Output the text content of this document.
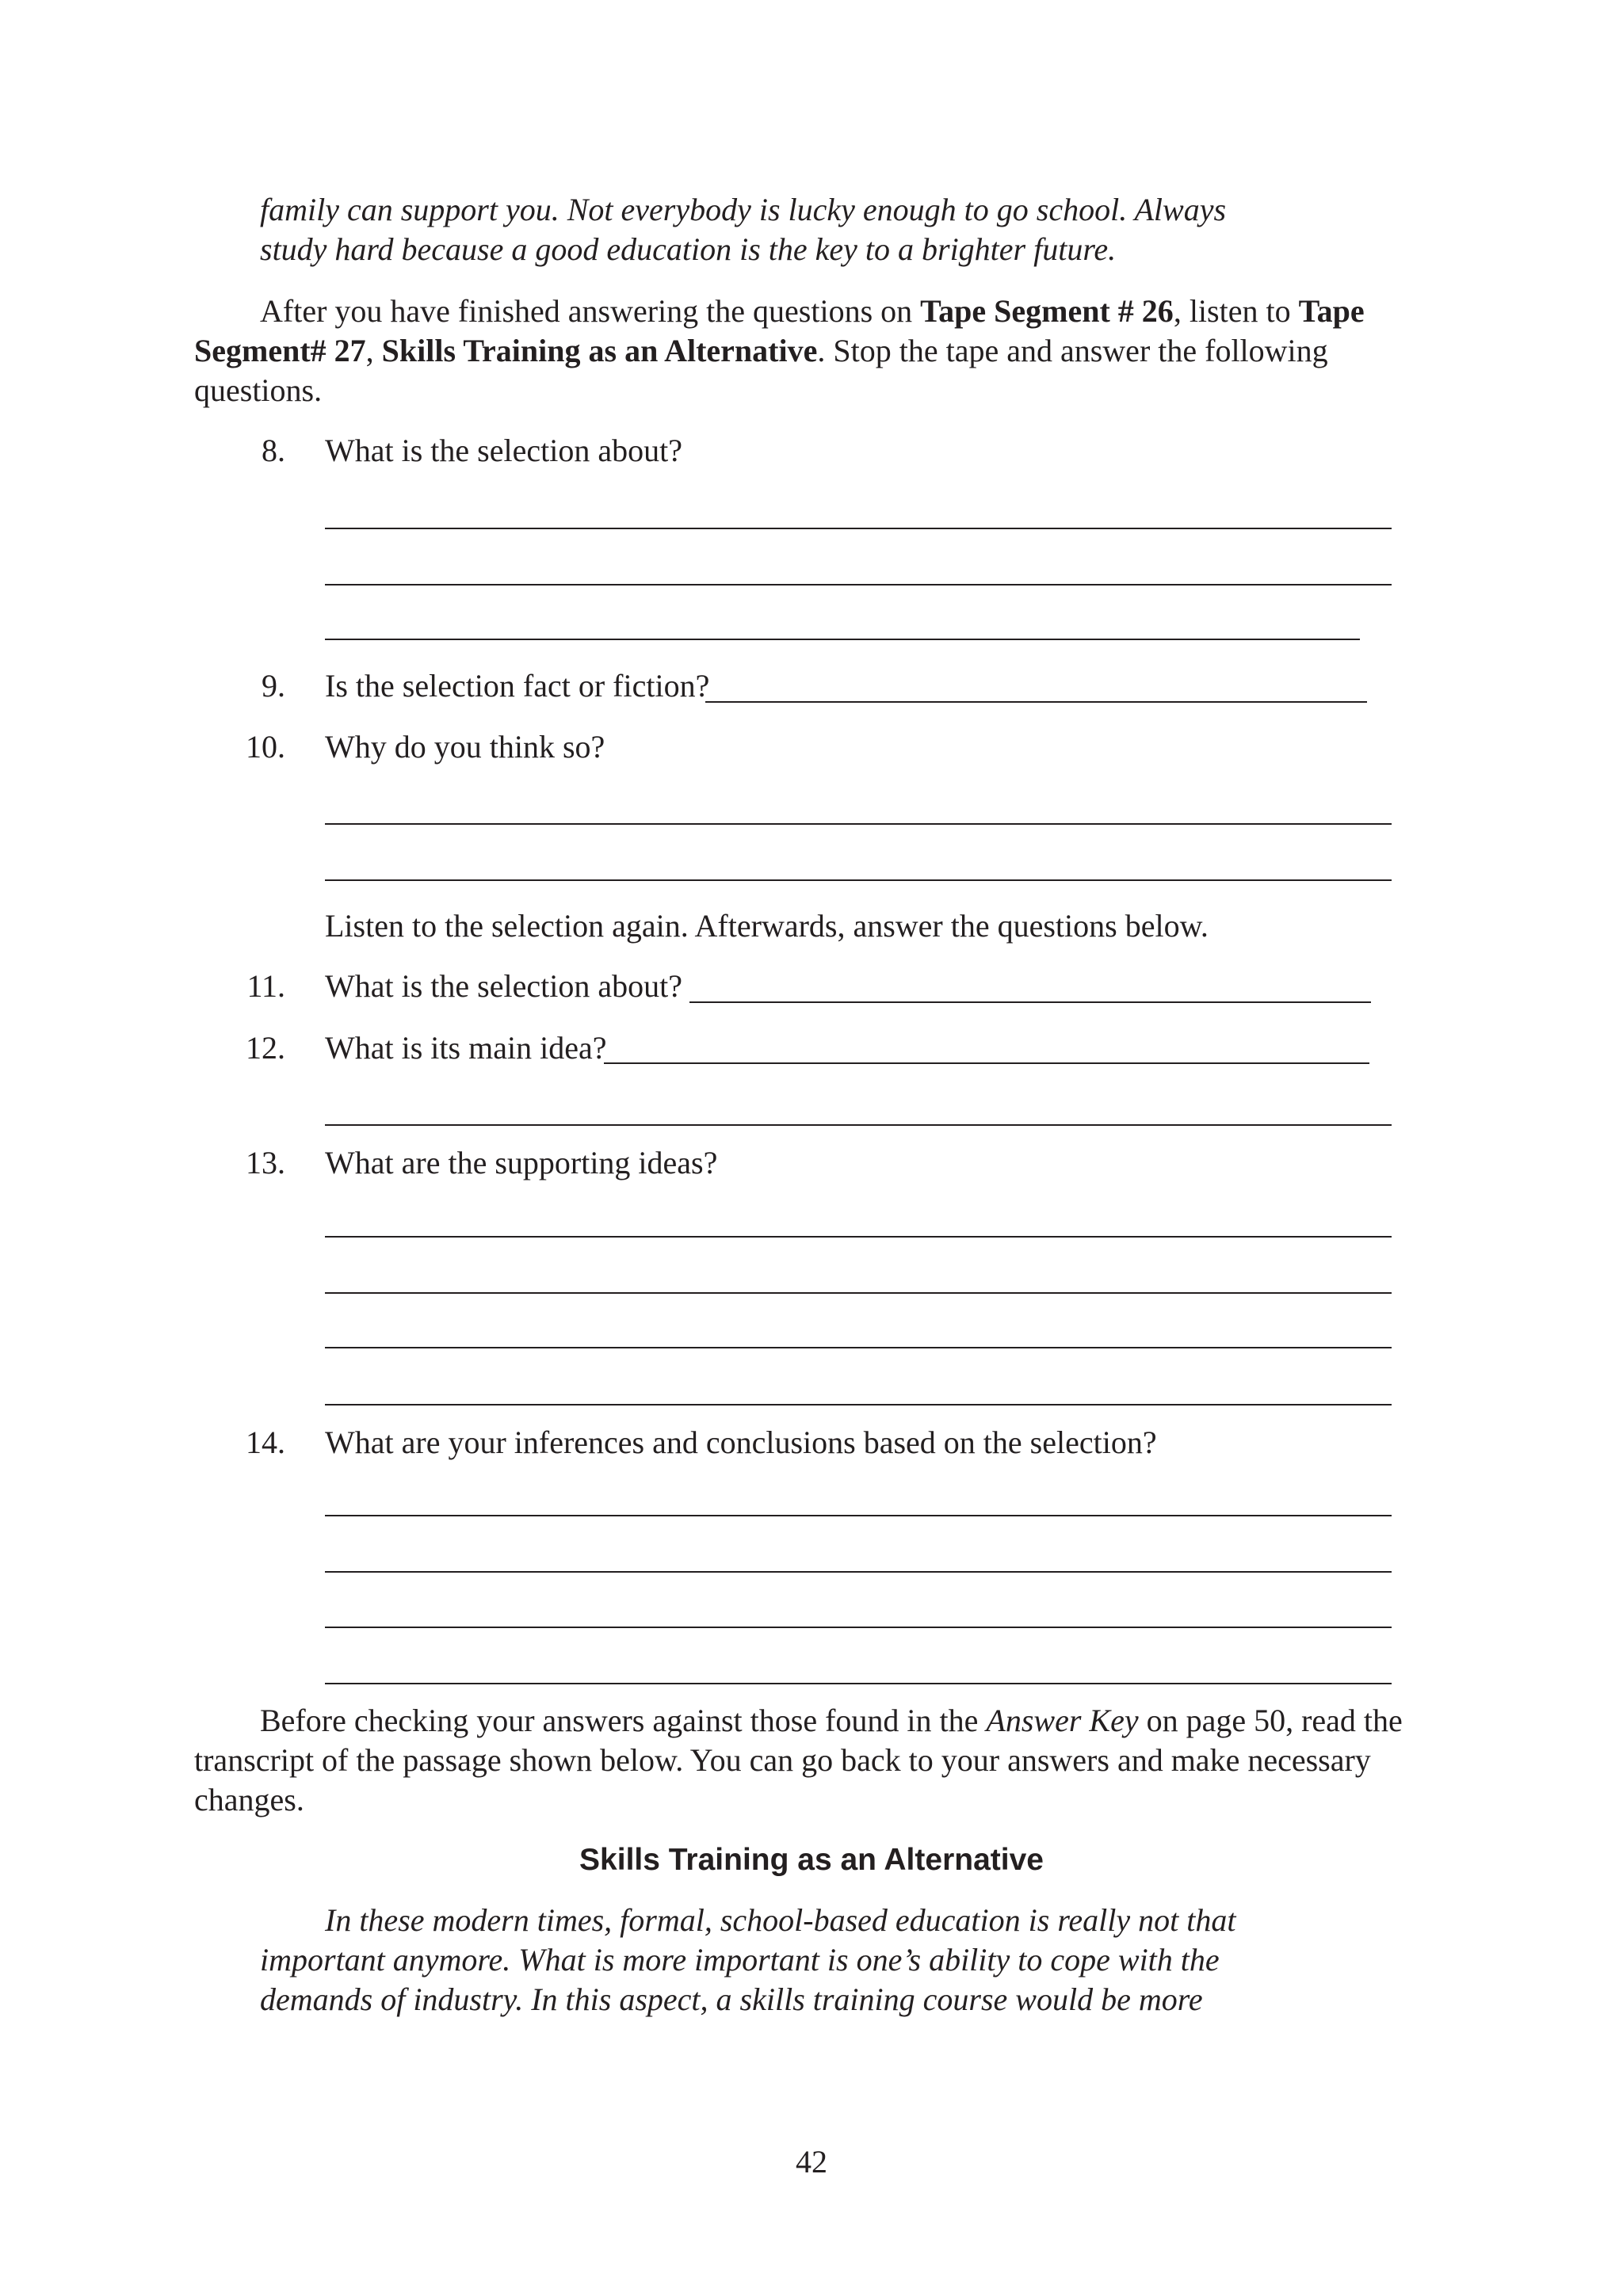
family can support you. Not everybody is lucky enough to go school. Always
study hard because a good education is the key to a brighter future.
After you have finished answering the questions on Tape Segment # 26, listen to Tape
Segment# 27, Skills Training as an Alternative. Stop the tape and answer the following
questions.
8. What is the selection about?
9. Is the selection fact or fiction?
10. Why do you think so?
Listen to the selection again. Afterwards, answer the questions below.
11. What is the selection about?
12. What is its main idea?
13. What are the supporting ideas?
14. What are your inferences and conclusions based on the selection?
Before checking your answers against those found in the Answer Key on page 50, read the
transcript of the passage shown below. You can go back to your answers and make necessary
changes.
Skills Training as an Alternative
In these modern times, formal, school-based education is really not that
important anymore. What is more important is one’s ability to cope with the
demands of industry. In this aspect, a skills training course would be more
42
